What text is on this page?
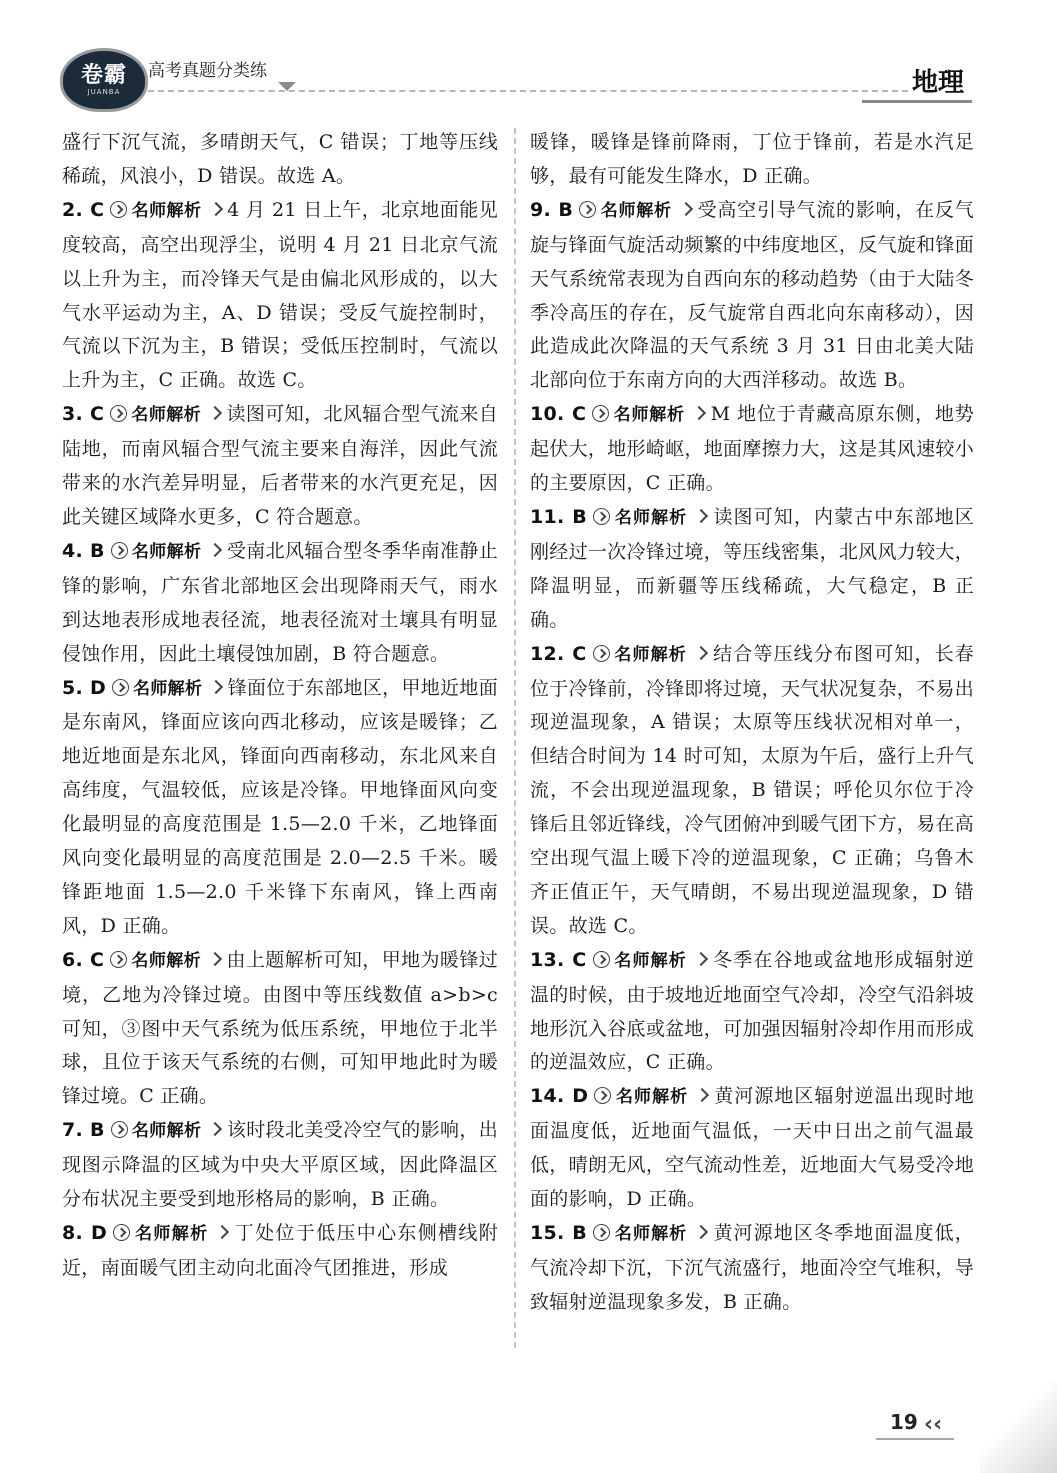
卷霸
JUANBA
高考真题分类练	地理

盛行下沉气流，多晴朗天气，C 错误；丁地等压线稀疏，风浪小，D 错误。故选 A。

2. C 名师解析 4 月 21 日上午，北京地面能见度较高，高空出现浮尘，说明 4 月 21 日北京气流以上升为主，而冷锋天气是由偏北风形成的，以大气水平运动为主，A、D 错误；受反气旋控制时，气流以下沉为主，B 错误；受低压控制时，气流以上升为主，C 正确。故选 C。

3. C 名师解析 读图可知，北风辐合型气流来自陆地，而南风辐合型气流主要来自海洋，因此气流带来的水汽差异明显，后者带来的水汽更充足，因此关键区域降水更多，C 符合题意。

4. B 名师解析 受南北风辐合型冬季华南准静止锋的影响，广东省北部地区会出现降雨天气，雨水到达地表形成地表径流，地表径流对土壤具有明显侵蚀作用，因此土壤侵蚀加剧，B 符合题意。

5. D 名师解析 锋面位于东部地区，甲地近地面是东南风，锋面应该向西北移动，应该是暖锋；乙地近地面是东北风，锋面向西南移动，东北风来自高纬度，气温较低，应该是冷锋。甲地锋面风向变化最明显的高度范围是 1.5—2.0 千米，乙地锋面风向变化最明显的高度范围是 2.0—2.5 千米。暖锋距地面 1.5—2.0 千米锋下东南风，锋上西南风，D 正确。

6. C 名师解析 由上题解析可知，甲地为暖锋过境，乙地为冷锋过境。由图中等压线数值 a>b>c 可知，③图中天气系统为低压系统，甲地位于北半球，且位于该天气系统的右侧，可知甲地此时为暖锋过境。C 正确。

7. B 名师解析 该时段北美受冷空气的影响，出现图示降温的区域为中央大平原区域，因此降温区分布状况主要受到地形格局的影响，B 正确。

8. D 名师解析 丁处位于低压中心东侧槽线附近，南面暖气团主动向北面冷气团推进，形成

暖锋，暖锋是锋前降雨，丁位于锋前，若是水汽足够，最有可能发生降水，D 正确。

9. B 名师解析 受高空引导气流的影响，在反气旋与锋面气旋活动频繁的中纬度地区，反气旋和锋面天气系统常表现为自西向东的移动趋势（由于大陆冬季冷高压的存在，反气旋常自西北向东南移动），因此造成此次降温的天气系统 3 月 31 日由北美大陆北部向位于东南方向的大西洋移动。故选 B。

10. C 名师解析 M 地位于青藏高原东侧，地势起伏大，地形崎岖，地面摩擦力大，这是其风速较小的主要原因，C 正确。

11. B 名师解析 读图可知，内蒙古中东部地区刚经过一次冷锋过境，等压线密集，北风风力较大，降温明显，而新疆等压线稀疏，大气稳定，B 正确。

12. C 名师解析 结合等压线分布图可知，长春位于冷锋前，冷锋即将过境，天气状况复杂，不易出现逆温现象，A 错误；太原等压线状况相对单一，但结合时间为 14 时可知，太原为午后，盛行上升气流，不会出现逆温现象，B 错误；呼伦贝尔位于冷锋后且邻近锋线，冷气团俯冲到暖气团下方，易在高空出现气温上暖下冷的逆温现象，C 正确；乌鲁木齐正值正午，天气晴朗，不易出现逆温现象，D 错误。故选 C。

13. C 名师解析 冬季在谷地或盆地形成辐射逆温的时候，由于坡地近地面空气冷却，冷空气沿斜坡地形沉入谷底或盆地，可加强因辐射冷却作用而形成的逆温效应，C 正确。

14. D 名师解析 黄河源地区辐射逆温出现时地面温度低，近地面气温低，一天中日出之前气温最低，晴朗无风，空气流动性差，近地面大气易受冷地面的影响，D 正确。

15. B 名师解析 黄河源地区冬季地面温度低，气流冷却下沉，下沉气流盛行，地面冷空气堆积，导致辐射逆温现象多发，B 正确。

19 ‹‹
